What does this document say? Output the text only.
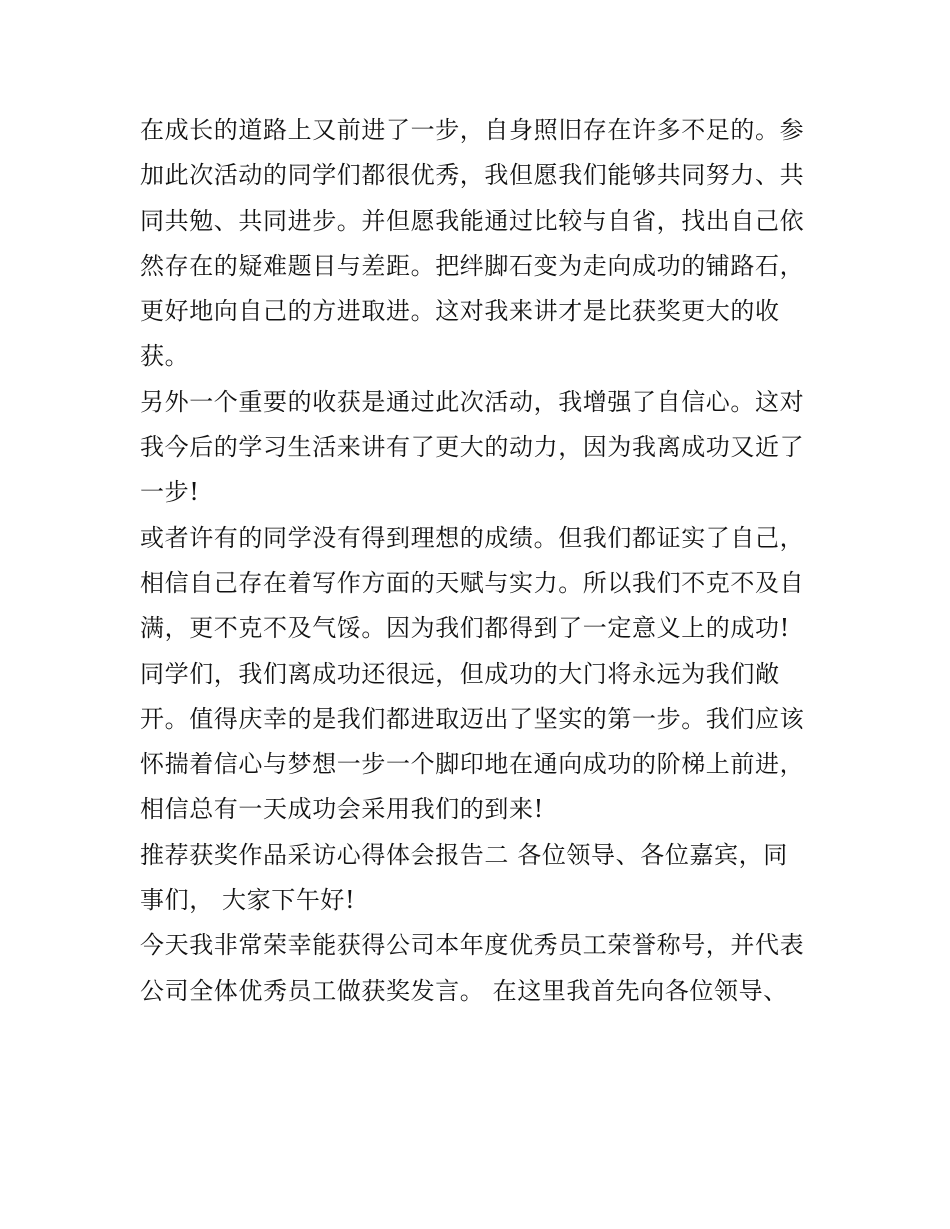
在成长的道路上又前进了一步，自身照旧存在许多不足的。参
加此次活动的同学们都很优秀，我但愿我们能够共同努力、共
同共勉、共同进步。并但愿我能通过比较与自省，找出自己依
然存在的疑难题目与差距。把绊脚石变为走向成功的铺路石，
更好地向自己的方进取进。这对我来讲才是比获奖更大的收
获。
另外一个重要的收获是通过此次活动，我增强了自信心。这对
我今后的学习生活来讲有了更大的动力，因为我离成功又近了
一步!
或者许有的同学没有得到理想的成绩。但我们都证实了自己，
相信自己存在着写作方面的天赋与实力。所以我们不克不及自
满，更不克不及气馁。因为我们都得到了一定意义上的成功!
同学们，我们离成功还很远，但成功的大门将永远为我们敞
开。值得庆幸的是我们都进取迈出了坚实的第一步。我们应该
怀揣着信心与梦想一步一个脚印地在通向成功的阶梯上前进，
相信总有一天成功会采用我们的到来!
推荐获奖作品采访心得体会报告二 各位领导、各位嘉宾，同
事们， 大家下午好!
今天我非常荣幸能获得公司本年度优秀员工荣誉称号，并代表
公司全体优秀员工做获奖发言。 在这里我首先向各位领导、
